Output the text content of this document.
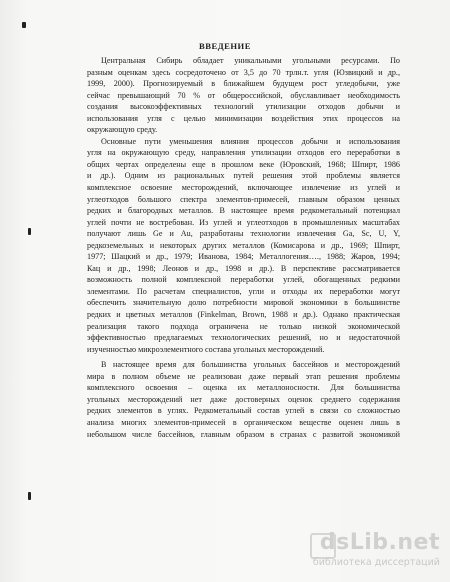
ВВЕДЕНИЕ
Центральная Сибирь обладает уникальными угольными ресурсами. По
разным оценкам здесь сосредоточено от 3,5 до 70 трлн.т. угля (Юзвицкий и др.,
1999, 2000). Прогнозируемый в ближайшем будущем рост угледобычи, уже
сейчас превышающий 70 % от общероссийской, обуславливает необходимость
создания высокоэффективных технологий утилизации отходов добычи и
использования угля с целью минимизации воздействия этих процессов на
окружающую среду.
Основные пути уменьшения влияния процессов добычи и использования
угля на окружающую среду, направления утилизации отходов его переработки в
общих чертах определены еще в прошлом веке (Юровский, 1968; Шпирт, 1986
и др.). Одним из рациональных путей решения этой проблемы является
комплексное освоение месторождений, включающее извлечение из углей и
углеотходов большого спектра элементов-примесей, главным образом ценных
редких и благородных металлов. В настоящее время редкометальный потенциал
углей почти не востребован. Из углей и углеотходов в промышленных масштабах
получают лишь Ge и Au, разработаны технологии извлечения Ga, Sc, U, Y,
редкоземельных и некоторых других металлов (Комисарова и др., 1969; Шпирт,
1977; Шацкий и др., 1979; Иванова, 1984; Металлогения…., 1988; Жаров, 1994;
Кац и др., 1998; Леонов и др., 1998 и др.). В перспективе рассматривается
возможность полной комплексной переработки углей, обогащенных редкими
элементами. По расчетам специалистов, угли и отходы их переработки могут
обеспечить значительную долю потребности мировой экономики в большинстве
редких и цветных металлов (Finkelman, Brown, 1988 и др.). Однако практическая
реализация такого подхода ограничена не только низкой экономической
эффективностью предлагаемых технологических решений, но и недостаточной
изученностью микроэлементного состава угольных месторождений.
В настоящее время для большинства угольных бассейнов и месторождений
мира в полном объеме не реализован даже первый этап решения проблемы
комплексного освоения – оценка их металлоносности. Для большинства
угольных месторождений нет даже достоверных оценок среднего содержания
редких элементов в углях. Редкометальный состав углей в связи со сложностью
анализа многих элементов-примесей в органическом веществе оценен лишь в
небольшом числе бассейнов, главным образом в странах с развитой экономикой
dsLib.net
библиотека диссертаций
